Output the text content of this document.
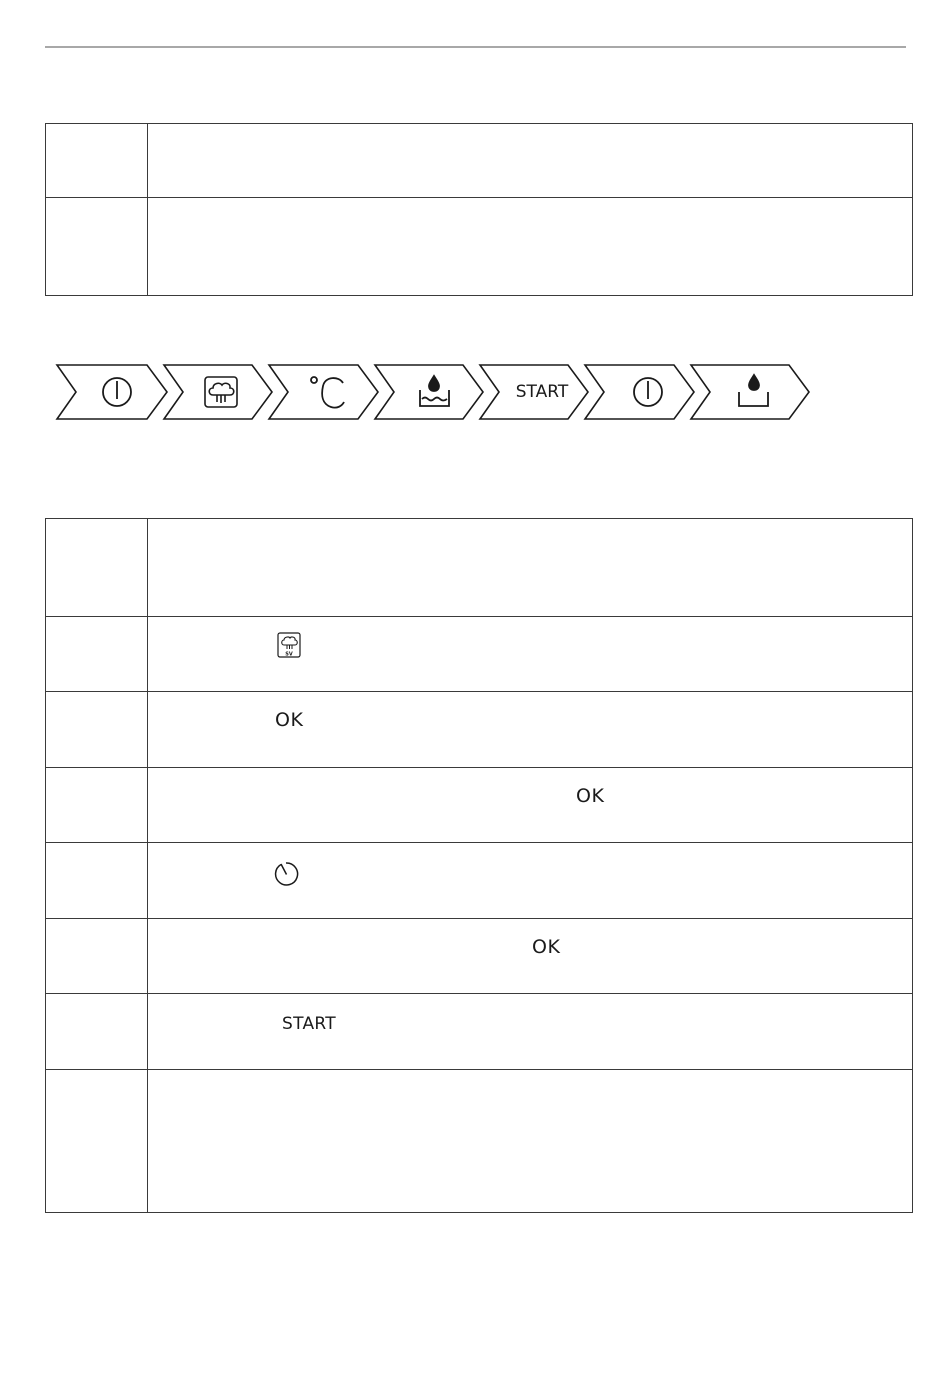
START

SV

OK

OK

OK

START
